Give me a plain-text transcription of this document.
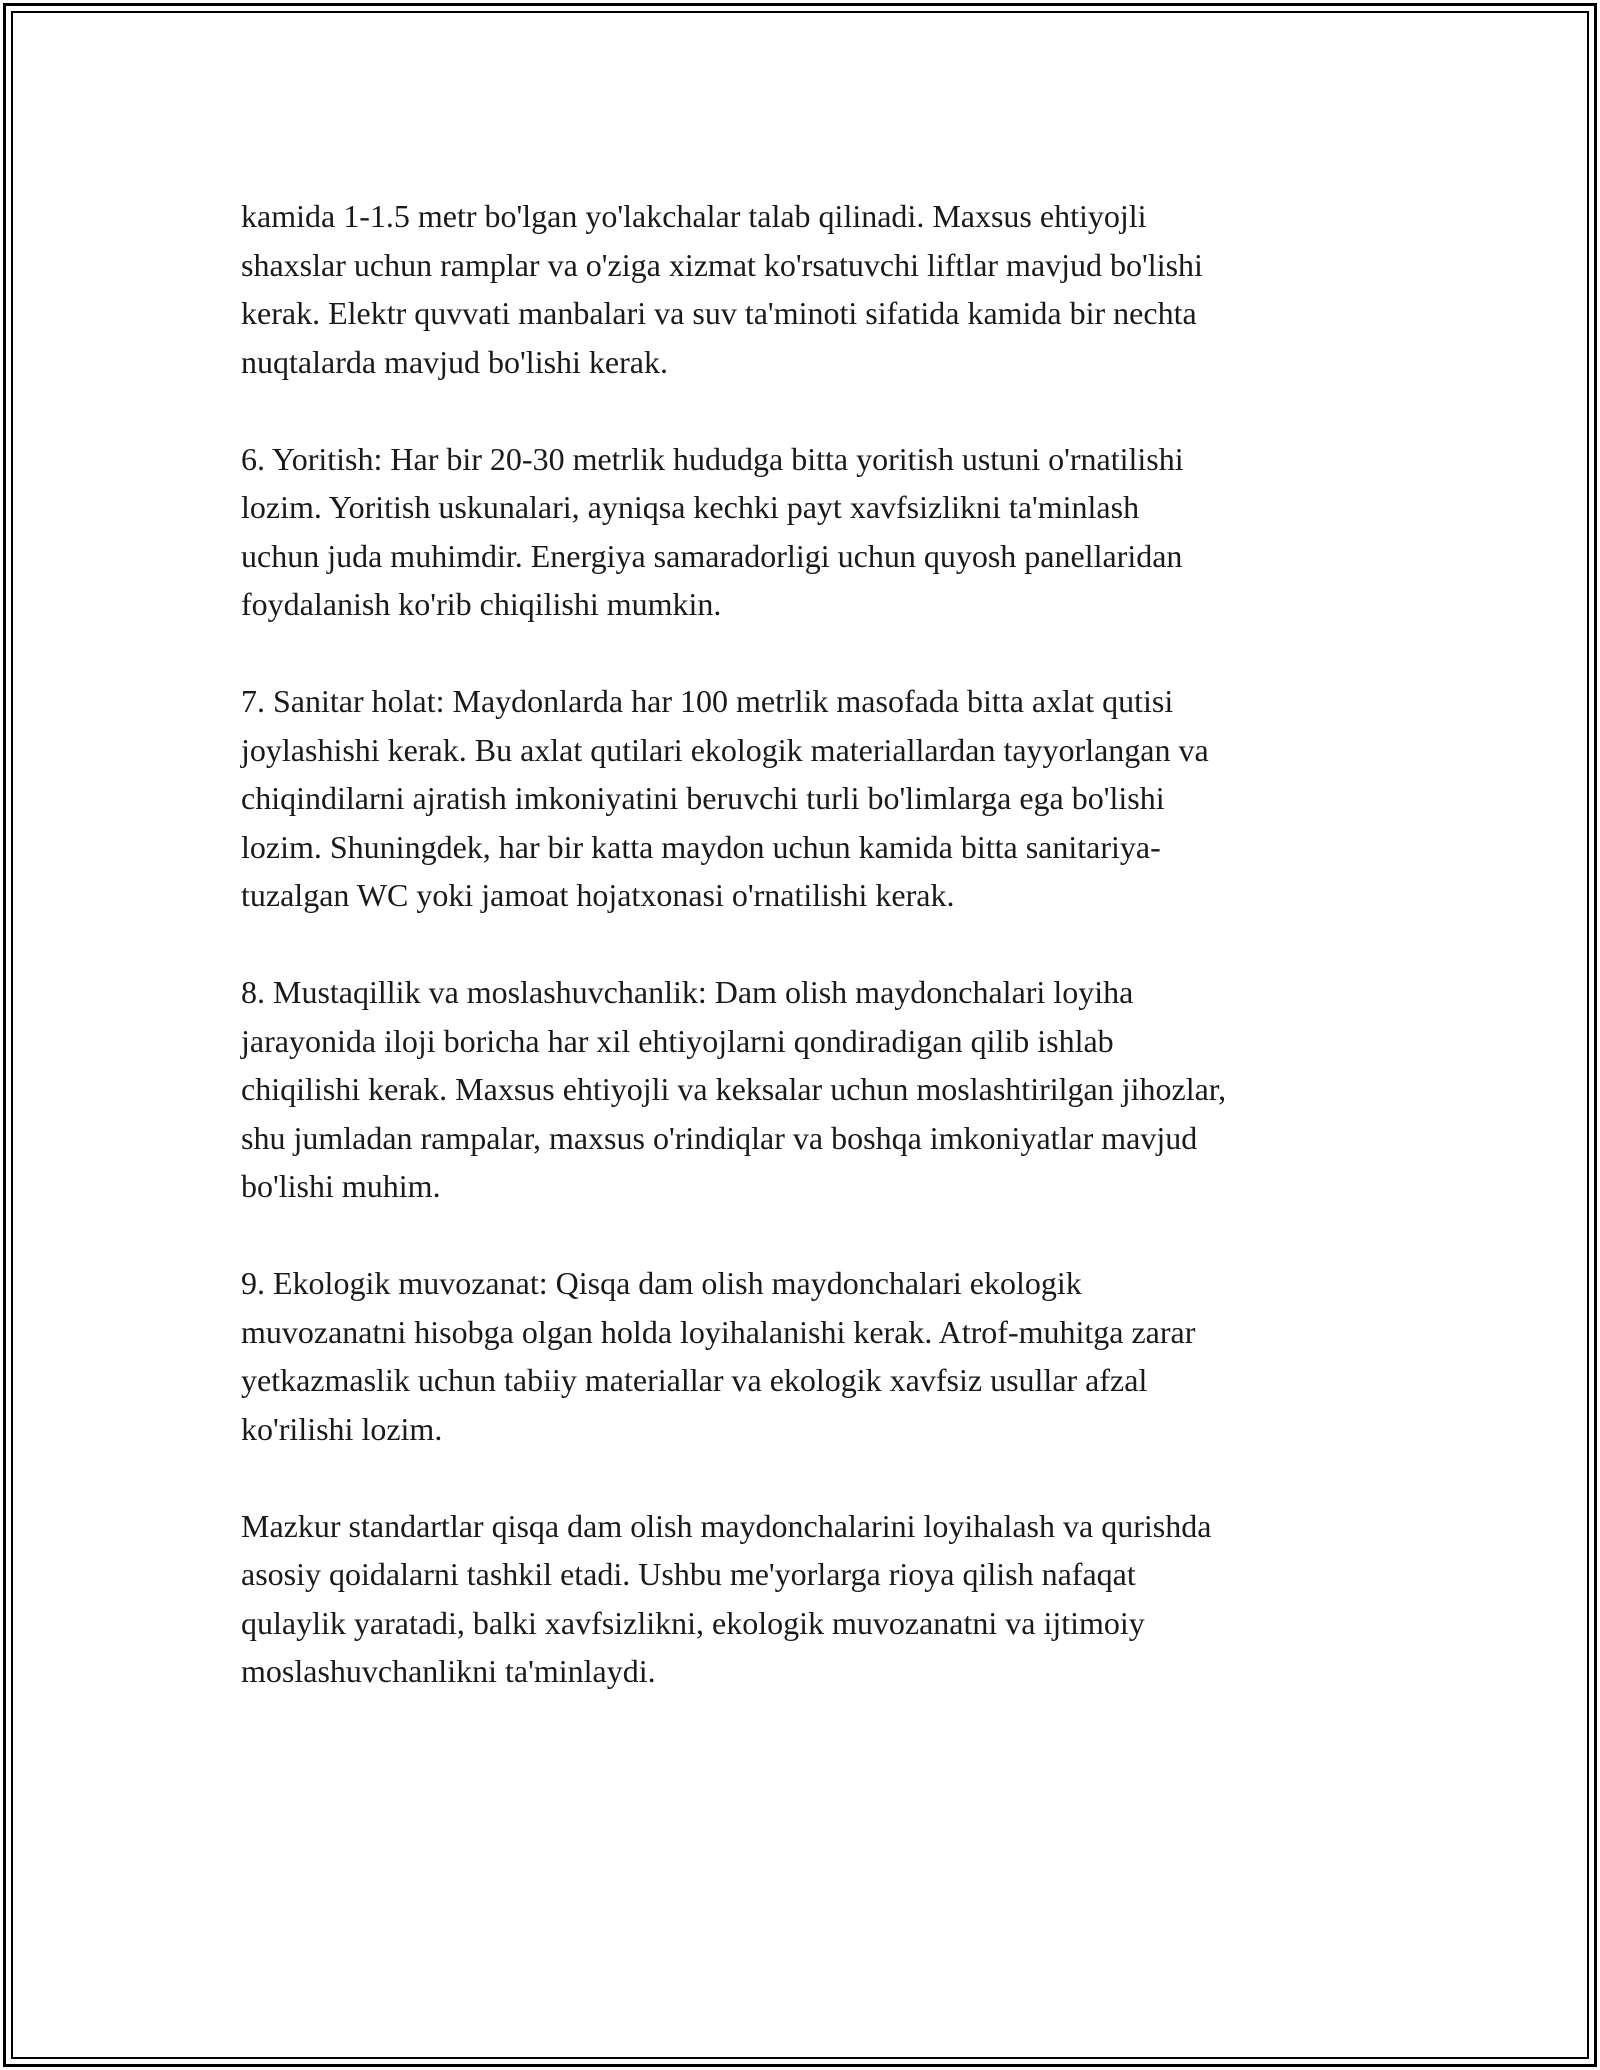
kamida 1-1.5 metr bo'lgan yo'lakchalar talab qilinadi. Maxsus ehtiyojli
shaxslar uchun ramplar va o'ziga xizmat ko'rsatuvchi liftlar mavjud bo'lishi
kerak. Elektr quvvati manbalari va suv ta'minoti sifatida kamida bir nechta
nuqtalarda mavjud bo'lishi kerak.

6. Yoritish: Har bir 20-30 metrlik hududga bitta yoritish ustuni o'rnatilishi
lozim. Yoritish uskunalari, ayniqsa kechki payt xavfsizlikni ta'minlash
uchun juda muhimdir. Energiya samaradorligi uchun quyosh panellaridan
foydalanish ko'rib chiqilishi mumkin.

7. Sanitar holat: Maydonlarda har 100 metrlik masofada bitta axlat qutisi
joylashishi kerak. Bu axlat qutilari ekologik materiallardan tayyorlangan va
chiqindilarni ajratish imkoniyatini beruvchi turli bo'limlarga ega bo'lishi
lozim. Shuningdek, har bir katta maydon uchun kamida bitta sanitariya-
tuzalgan WC yoki jamoat hojatxonasi o'rnatilishi kerak.

8. Mustaqillik va moslashuvchanlik: Dam olish maydonchalari loyiha
jarayonida iloji boricha har xil ehtiyojlarni qondiradigan qilib ishlab
chiqilishi kerak. Maxsus ehtiyojli va keksalar uchun moslashtirilgan jihozlar,
shu jumladan rampalar, maxsus o'rindiqlar va boshqa imkoniyatlar mavjud
bo'lishi muhim.

9. Ekologik muvozanat: Qisqa dam olish maydonchalari ekologik
muvozanatni hisobga olgan holda loyihalanishi kerak. Atrof-muhitga zarar
yetkazmaslik uchun tabiiy materiallar va ekologik xavfsiz usullar afzal
ko'rilishi lozim.

Mazkur standartlar qisqa dam olish maydonchalarini loyihalash va qurishda
asosiy qoidalarni tashkil etadi. Ushbu me'yorlarga rioya qilish nafaqat
qulaylik yaratadi, balki xavfsizlikni, ekologik muvozanatni va ijtimoiy
moslashuvchanlikni ta'minlaydi.
